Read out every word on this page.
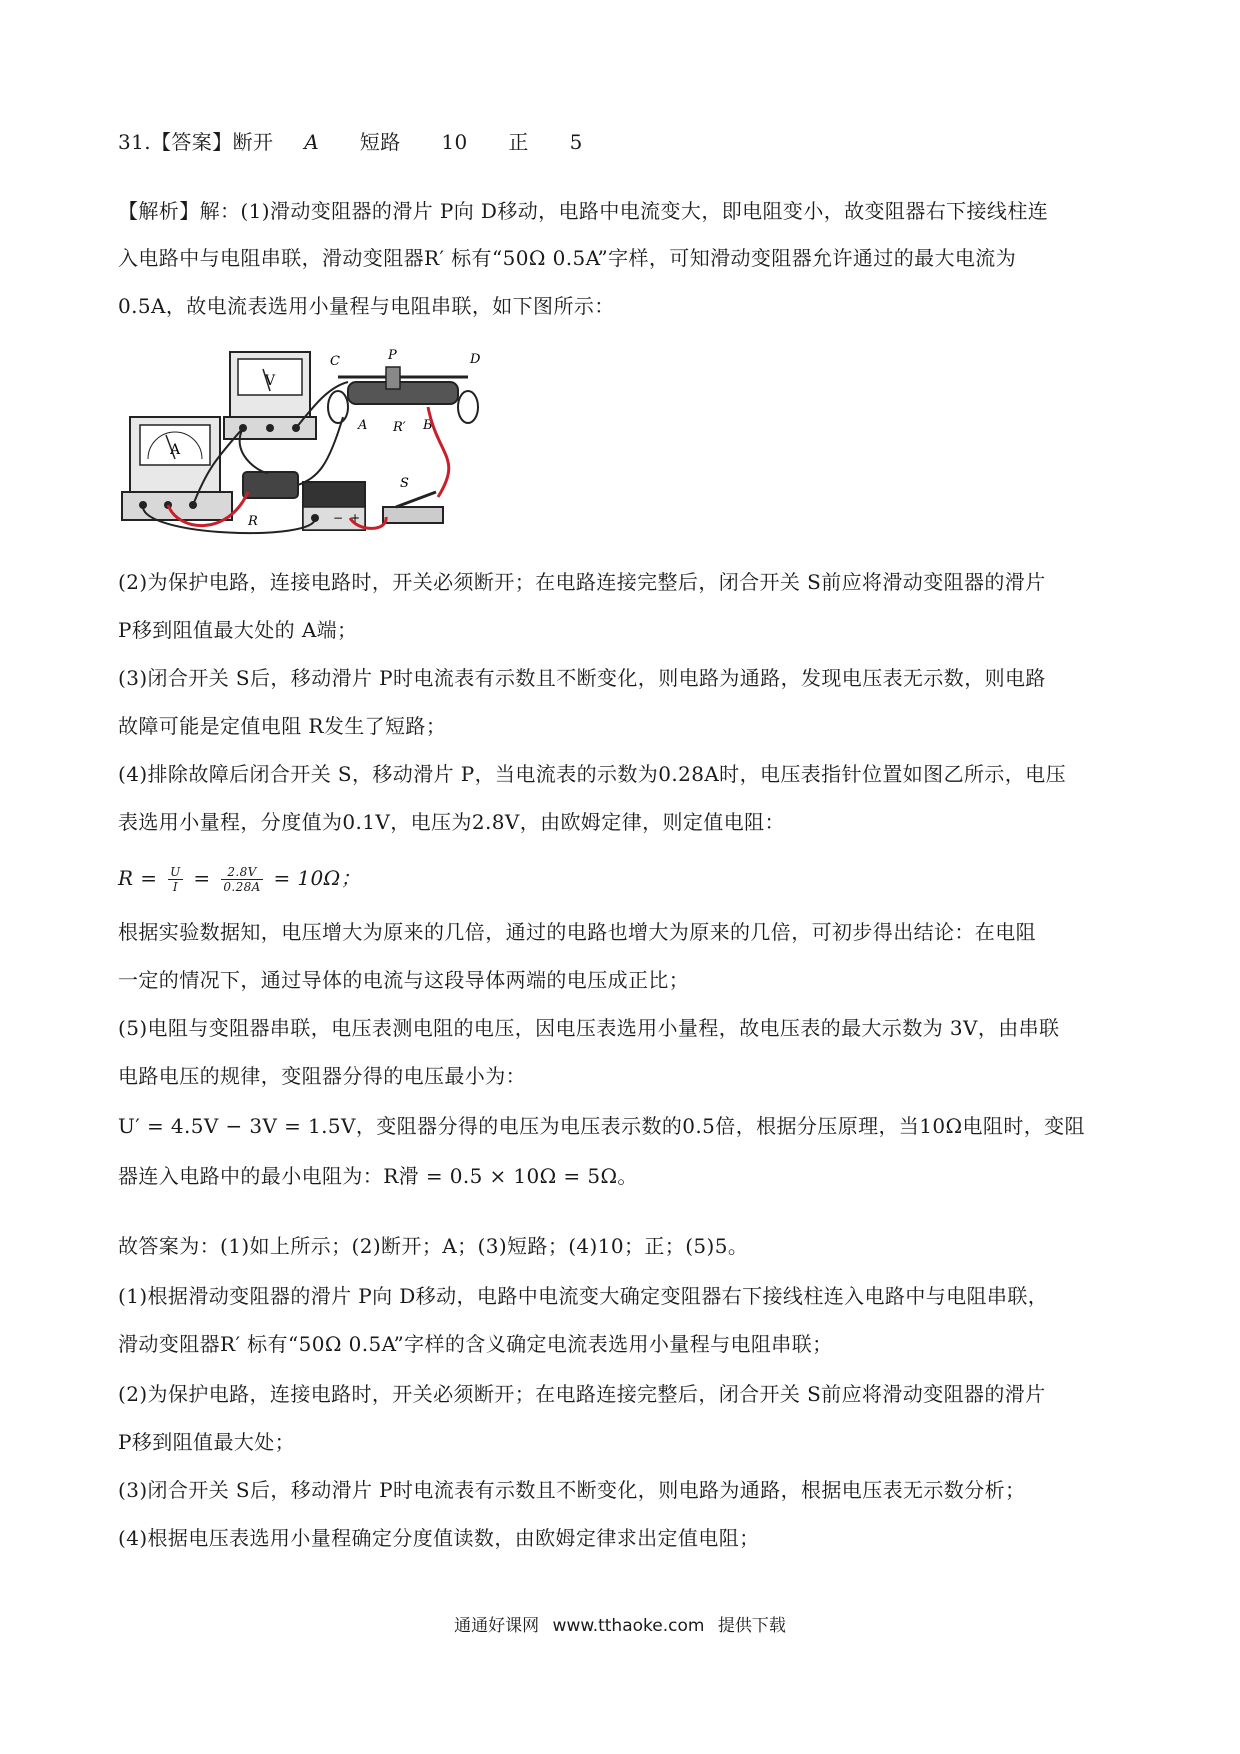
31.【答案】断开 A 短路 10 正 5
【解析】解：(1)滑动变阻器的滑片 P向 D移动，电路中电流变大，即电阻变小，故变阻器右下接线柱连
入电路中与电阻串联，滑动变阻器R′ 标有“50Ω 0.5A”字样，可知滑动变阻器允许通过的最大电流为
0.5A，故电流表选用小量程与电阻串联，如下图所示：
A
V
C	P	D
A R′ B
R	− +
S
(2)为保护电路，连接电路时，开关必须断开；在电路连接完整后，闭合开关 S前应将滑动变阻器的滑片
P移到阻值最大处的 A端；
(3)闭合开关 S后，移动滑片 P时电流表有示数且不断变化，则电路为通路，发现电压表无示数，则电路
故障可能是定值电阻 R发生了短路；
(4)排除故障后闭合开关 S，移动滑片 P，当电流表的示数为0.28A时，电压表指针位置如图乙所示，电压
表选用小量程，分度值为0.1V，电压为2.8V，由欧姆定律，则定值电阻：
$R = \frac{U}{I} = \frac{2.8V}{0.28A} = 10\Omega$；
根据实验数据知，电压增大为原来的几倍，通过的电路也增大为原来的几倍，可初步得出结论：在电阻
一定的情况下，通过导体的电流与这段导体两端的电压成正比；
(5)电阻与变阻器串联，电压表测电阻的电压，因电压表选用小量程，故电压表的最大示数为 3V，由串联
电路电压的规律，变阻器分得的电压最小为：
U′ = 4.5V − 3V = 1.5V，变阻器分得的电压为电压表示数的0.5倍，根据分压原理，当10Ω电阻时，变阻
器连入电路中的最小电阻为：R滑 = 0.5 × 10Ω = 5Ω。
故答案为：(1)如上所示；(2)断开；A；(3)短路；(4)10；正；(5)5。
(1)根据滑动变阻器的滑片 P向 D移动，电路中电流变大确定变阻器右下接线柱连入电路中与电阻串联，
滑动变阻器R′ 标有“50Ω 0.5A”字样的含义确定电流表选用小量程与电阻串联；
(2)为保护电路，连接电路时，开关必须断开；在电路连接完整后，闭合开关 S前应将滑动变阻器的滑片
P移到阻值最大处；
(3)闭合开关 S后，移动滑片 P时电流表有示数且不断变化，则电路为通路，根据电压表无示数分析；
(4)根据电压表选用小量程确定分度值读数，由欧姆定律求出定值电阻；
通通好课网 www.tthaoke.com 提供下载
